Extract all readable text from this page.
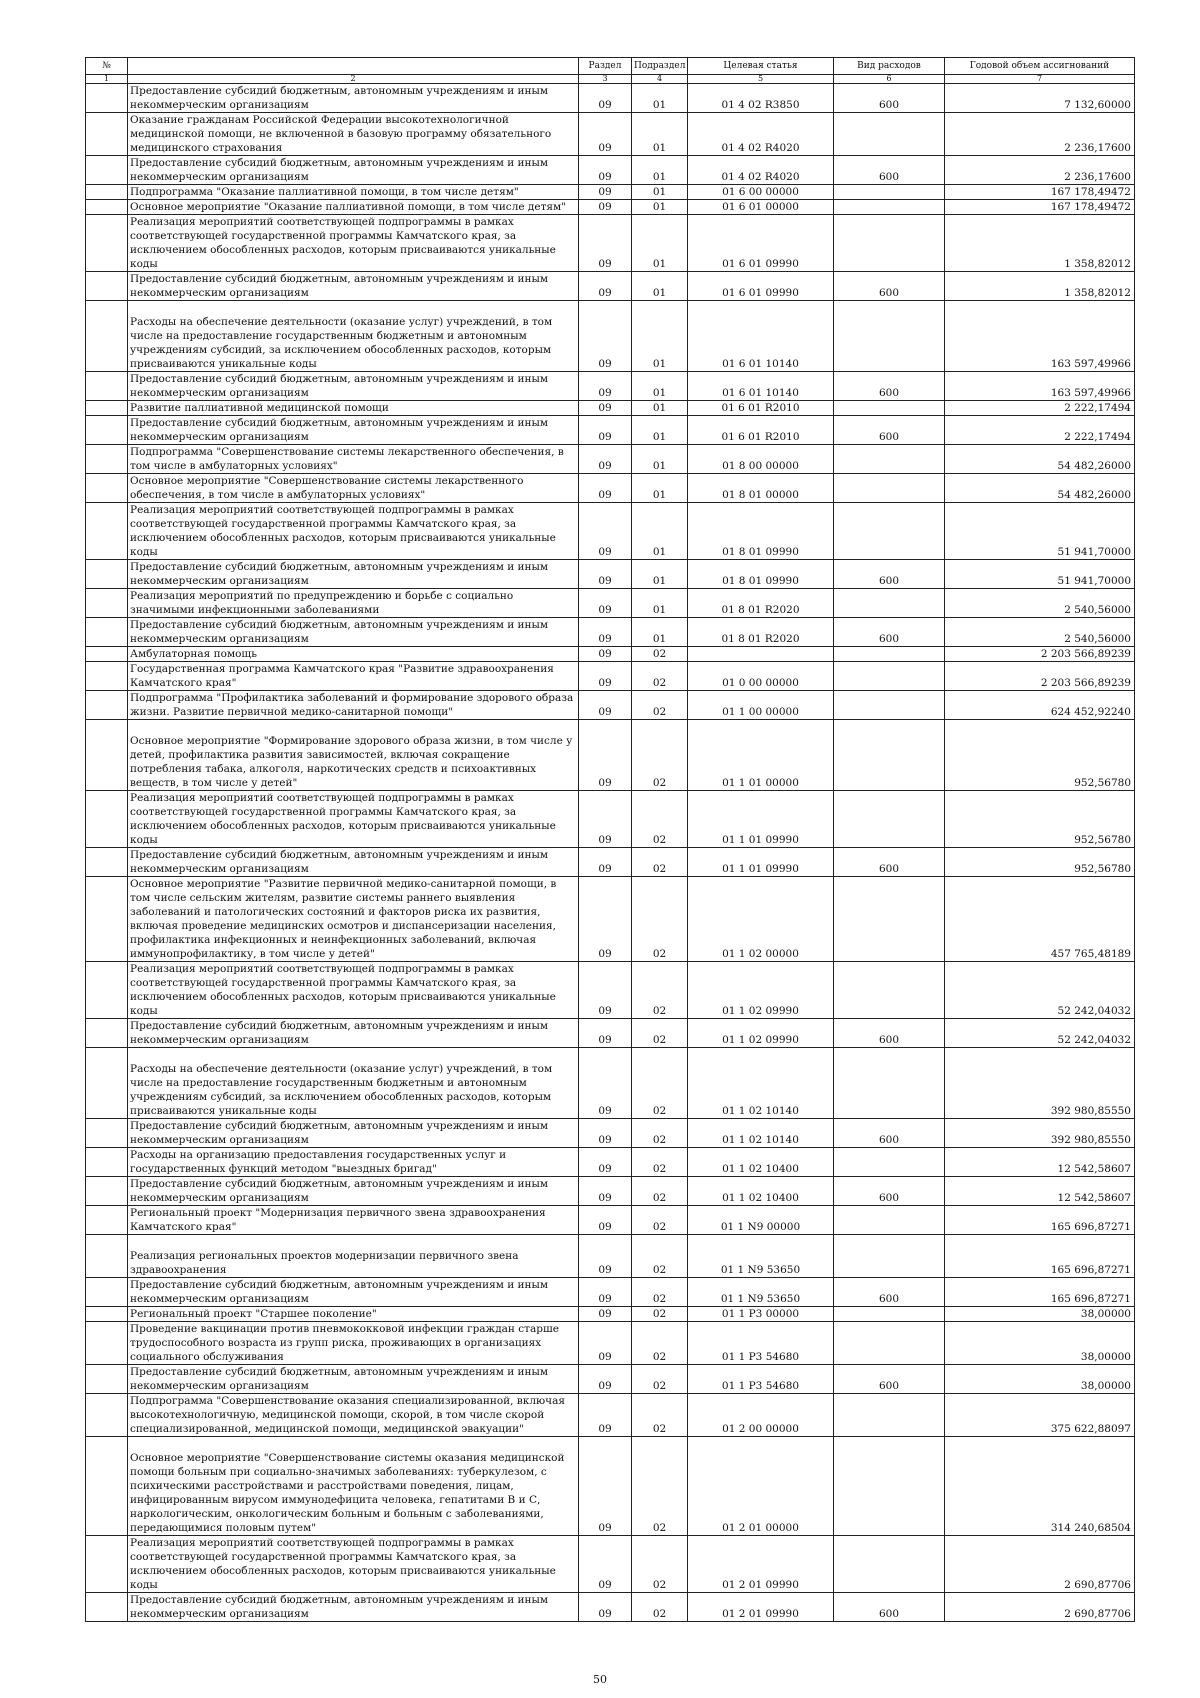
№		Раздел	Подраздел	Целевая статья	Вид расходов	Годовой объем ассигнований
1	2	3	4	5	6	7
	Предоставление субсидий бюджетным, автономным учреждениям и иным некоммерческим организациям	09	01	01 4 02 R3850	600	7 132,60000
	Оказание гражданам Российской Федерации высокотехнологичной медицинской помощи, не включенной в базовую программу обязательного медицинского страхования	09	01	01 4 02 R4020		2 236,17600
	Предоставление субсидий бюджетным, автономным учреждениям и иным некоммерческим организациям	09	01	01 4 02 R4020	600	2 236,17600
	Подпрограмма "Оказание паллиативной помощи, в том числе детям"	09	01	01 6 00 00000		167 178,49472
	Основное мероприятие "Оказание паллиативной помощи, в том числе детям"	09	01	01 6 01 00000		167 178,49472
	Реализация мероприятий соответствующей подпрограммы в рамках соответствующей государственной программы Камчатского края, за исключением обособленных расходов, которым присваиваются уникальные коды	09	01	01 6 01 09990		1 358,82012
	Предоставление субсидий бюджетным, автономным учреждениям и иным некоммерческим организациям	09	01	01 6 01 09990	600	1 358,82012
	Расходы на обеспечение деятельности (оказание услуг) учреждений, в том числе на предоставление государственным бюджетным и автономным учреждениям субсидий, за исключением обособленных расходов, которым присваиваются уникальные коды	09	01	01 6 01 10140		163 597,49966
	Предоставление субсидий бюджетным, автономным учреждениям и иным некоммерческим организациям	09	01	01 6 01 10140	600	163 597,49966
	Развитие паллиативной медицинской помощи	09	01	01 6 01 R2010		2 222,17494
	Предоставление субсидий бюджетным, автономным учреждениям и иным некоммерческим организациям	09	01	01 6 01 R2010	600	2 222,17494
	Подпрограмма "Совершенствование системы лекарственного обеспечения, в том числе в амбулаторных условиях"	09	01	01 8 00 00000		54 482,26000
	Основное мероприятие "Совершенствование системы лекарственного обеспечения, в том числе в амбулаторных условиях"	09	01	01 8 01 00000		54 482,26000
	Реализация мероприятий соответствующей подпрограммы в рамках соответствующей государственной программы Камчатского края, за исключением обособленных расходов, которым присваиваются уникальные коды	09	01	01 8 01 09990		51 941,70000
	Предоставление субсидий бюджетным, автономным учреждениям и иным некоммерческим организациям	09	01	01 8 01 09990	600	51 941,70000
	Реализация мероприятий по предупреждению и борьбе с социально значимыми инфекционными заболеваниями	09	01	01 8 01 R2020		2 540,56000
	Предоставление субсидий бюджетным, автономным учреждениям и иным некоммерческим организациям	09	01	01 8 01 R2020	600	2 540,56000
	Амбулаторная помощь	09	02			2 203 566,89239
	Государственная программа Камчатского края "Развитие здравоохранения Камчатского края"	09	02	01 0 00 00000		2 203 566,89239
	Подпрограмма "Профилактика заболеваний и формирование здорового образа жизни. Развитие первичной медико-санитарной помощи"	09	02	01 1 00 00000		624 452,92240
	Основное мероприятие "Формирование здорового образа жизни, в том числе у детей, профилактика развития зависимостей, включая сокращение потребления табака, алкоголя, наркотических средств и психоактивных веществ, в том числе у детей"	09	02	01 1 01 00000		952,56780
	Реализация мероприятий соответствующей подпрограммы в рамках соответствующей государственной программы Камчатского края, за исключением обособленных расходов, которым присваиваются уникальные коды	09	02	01 1 01 09990		952,56780
	Предоставление субсидий бюджетным, автономным учреждениям и иным некоммерческим организациям	09	02	01 1 01 09990	600	952,56780
	Основное мероприятие "Развитие первичной медико-санитарной помощи, в том числе сельским жителям, развитие системы раннего выявления заболеваний и патологических состояний и факторов риска их развития, включая проведение медицинских осмотров и диспансеризации населения, профилактика инфекционных и неинфекционных заболеваний, включая иммунопрофилактику, в том числе у детей"	09	02	01 1 02 00000		457 765,48189
	Реализация мероприятий соответствующей подпрограммы в рамках соответствующей государственной программы Камчатского края, за исключением обособленных расходов, которым присваиваются уникальные коды	09	02	01 1 02 09990		52 242,04032
	Предоставление субсидий бюджетным, автономным учреждениям и иным некоммерческим организациям	09	02	01 1 02 09990	600	52 242,04032
	Расходы на обеспечение деятельности (оказание услуг) учреждений, в том числе на предоставление государственным бюджетным и автономным учреждениям субсидий, за исключением обособленных расходов, которым присваиваются уникальные коды	09	02	01 1 02 10140		392 980,85550
	Предоставление субсидий бюджетным, автономным учреждениям и иным некоммерческим организациям	09	02	01 1 02 10140	600	392 980,85550
	Расходы на организацию предоставления государственных услуг и государственных функций методом "выездных бригад"	09	02	01 1 02 10400		12 542,58607
	Предоставление субсидий бюджетным, автономным учреждениям и иным некоммерческим организациям	09	02	01 1 02 10400	600	12 542,58607
	Региональный проект "Модернизация первичного звена здравоохранения Камчатского края"	09	02	01 1 N9 00000		165 696,87271
	Реализация региональных проектов модернизации первичного звена здравоохранения	09	02	01 1 N9 53650		165 696,87271
	Предоставление субсидий бюджетным, автономным учреждениям и иным некоммерческим организациям	09	02	01 1 N9 53650	600	165 696,87271
	Региональный проект "Старшее поколение"	09	02	01 1 P3 00000		38,00000
	Проведение вакцинации против пневмококковой инфекции граждан старше трудоспособного возраста из групп риска, проживающих в организациях социального обслуживания	09	02	01 1 P3 54680		38,00000
	Предоставление субсидий бюджетным, автономным учреждениям и иным некоммерческим организациям	09	02	01 1 P3 54680	600	38,00000
	Подпрограмма "Совершенствование оказания специализированной, включая высокотехнологичную, медицинской помощи, скорой, в том числе скорой специализированной, медицинской помощи, медицинской эвакуации"	09	02	01 2 00 00000		375 622,88097
	Основное мероприятие "Совершенствование системы оказания медицинской помощи больным при социально-значимых заболеваниях: туберкулезом, с психическими расстройствами и расстройствами поведения, лицам, инфицированным вирусом иммунодефицита человека, гепатитами В и С, наркологическим, онкологическим больным и больным с заболеваниями, передающимися половым путем"	09	02	01 2 01 00000		314 240,68504
	Реализация мероприятий соответствующей подпрограммы в рамках соответствующей государственной программы Камчатского края, за исключением обособленных расходов, которым присваиваются уникальные коды	09	02	01 2 01 09990		2 690,87706
	Предоставление субсидий бюджетным, автономным учреждениям и иным некоммерческим организациям	09	02	01 2 01 09990	600	2 690,87706
50
